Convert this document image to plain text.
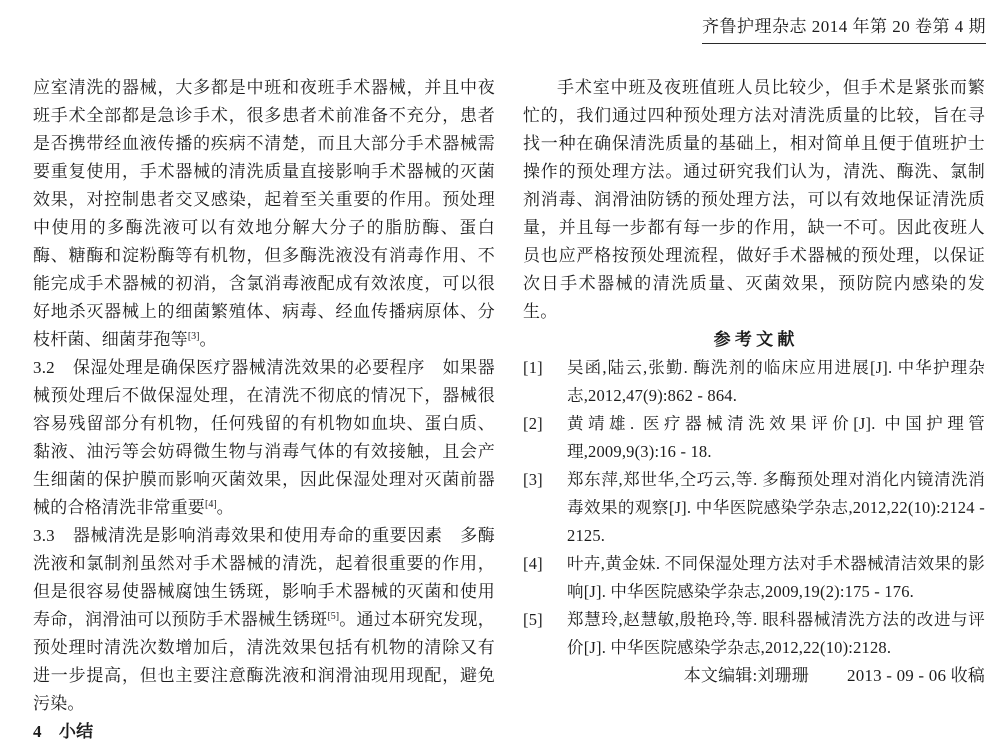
齐鲁护理杂志 2014 年第 20 卷第 4 期

应室清洗的器械，大多都是中班和夜班手术器械，并且中夜班手术全部都是急诊手术，很多患者术前准备不充分，患者是否携带经血液传播的疾病不清楚，而且大部分手术器械需要重复使用，手术器械的清洗质量直接影响手术器械的灭菌效果，对控制患者交叉感染，起着至关重要的作用。预处理中使用的多酶洗液可以有效地分解大分子的脂肪酶、蛋白酶、糖酶和淀粉酶等有机物，但多酶洗液没有消毒作用、不能完成手术器械的初消，含氯消毒液配成有效浓度，可以很好地杀灭器械上的细菌繁殖体、病毒、经血传播病原体、分枝杆菌、细菌芽孢等[3]。

3.2　保湿处理是确保医疗器械清洗效果的必要程序　如果器械预处理后不做保湿处理，在清洗不彻底的情况下，器械很容易残留部分有机物，任何残留的有机物如血块、蛋白质、黏液、油污等会妨碍微生物与消毒气体的有效接触，且会产生细菌的保护膜而影响灭菌效果，因此保湿处理对灭菌前器械的合格清洗非常重要[4]。

3.3　器械清洗是影响消毒效果和使用寿命的重要因素　多酶洗液和氯制剂虽然对手术器械的清洗，起着很重要的作用，但是很容易使器械腐蚀生锈斑，影响手术器械的灭菌和使用寿命，润滑油可以预防手术器械生锈斑[5]。通过本研究发现，预处理时清洗次数增加后，清洗效果包括有机物的清除又有进一步提高，但也主要注意酶洗液和润滑油现用现配，避免污染。

4　小结

手术室中班及夜班值班人员比较少，但手术是紧张而繁忙的，我们通过四种预处理方法对清洗质量的比较，旨在寻找一种在确保清洗质量的基础上，相对简单且便于值班护士操作的预处理方法。通过研究我们认为，清洗、酶洗、氯制剂消毒、润滑油防锈的预处理方法，可以有效地保证清洗质量，并且每一步都有每一步的作用，缺一不可。因此夜班人员也应严格按预处理流程，做好手术器械的预处理，以保证次日手术器械的清洗质量、灭菌效果，预防院内感染的发生。

参 考 文 献

[1]	吴函,陆云,张勤. 酶洗剂的临床应用进展[J]. 中华护理杂志,2012,47(9):862 - 864.
[2]	黄靖雄. 医疗器械清洗效果评价[J]. 中国护理管理,2009,9(3):16 - 18.
[3]	郑东萍,郑世华,仝巧云,等. 多酶预处理对消化内镜清洗消毒效果的观察[J]. 中华医院感染学杂志,2012,22(10):2124 - 2125.
[4]	叶卉,黄金妹. 不同保湿处理方法对手术器械清洁效果的影响[J]. 中华医院感染学杂志,2009,19(2):175 - 176.
[5]	郑慧玲,赵慧敏,殷艳玲,等. 眼科器械清洗方法的改进与评价[J]. 中华医院感染学杂志,2012,22(10):2128.
本文编辑:刘珊珊 2013 - 09 - 06 收稿
